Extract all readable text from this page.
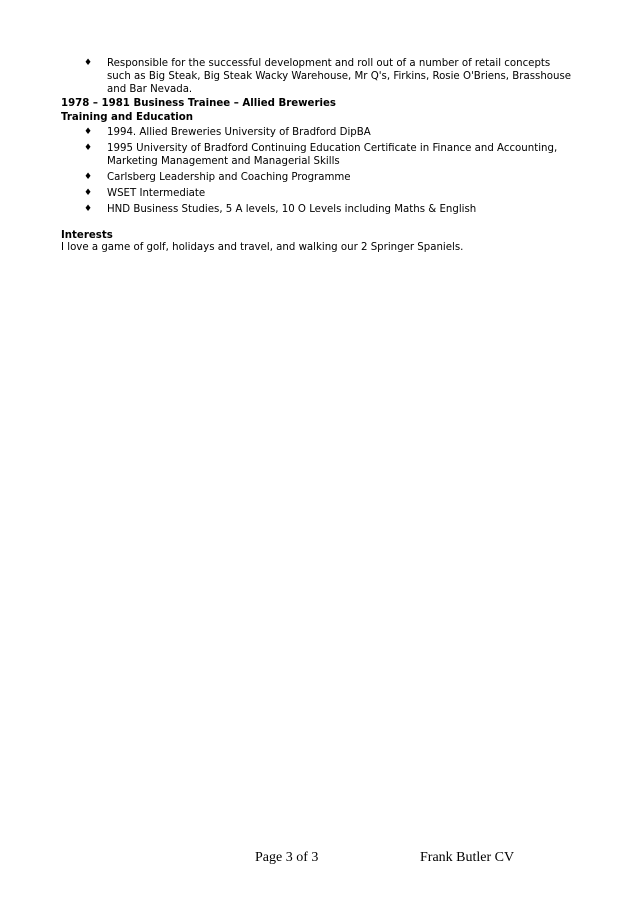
♦ Responsible for the successful development and roll out of a number of retail concepts such as Big Steak, Big Steak Wacky Warehouse, Mr Q's, Firkins, Rosie O'Briens, Brasshouse and Bar Nevada.
1978 – 1981 Business Trainee – Allied Breweries
Training and Education
♦ 1994. Allied Breweries University of Bradford DipBA
♦ 1995 University of Bradford Continuing Education Certificate in Finance and Accounting, Marketing Management and Managerial Skills
♦ Carlsberg Leadership and Coaching Programme
♦ WSET Intermediate
♦ HND Business Studies, 5 A levels, 10 O Levels including Maths & English
Interests
I love a game of golf, holidays and travel, and walking our 2 Springer Spaniels.
Page 3 of 3	Frank Butler CV
